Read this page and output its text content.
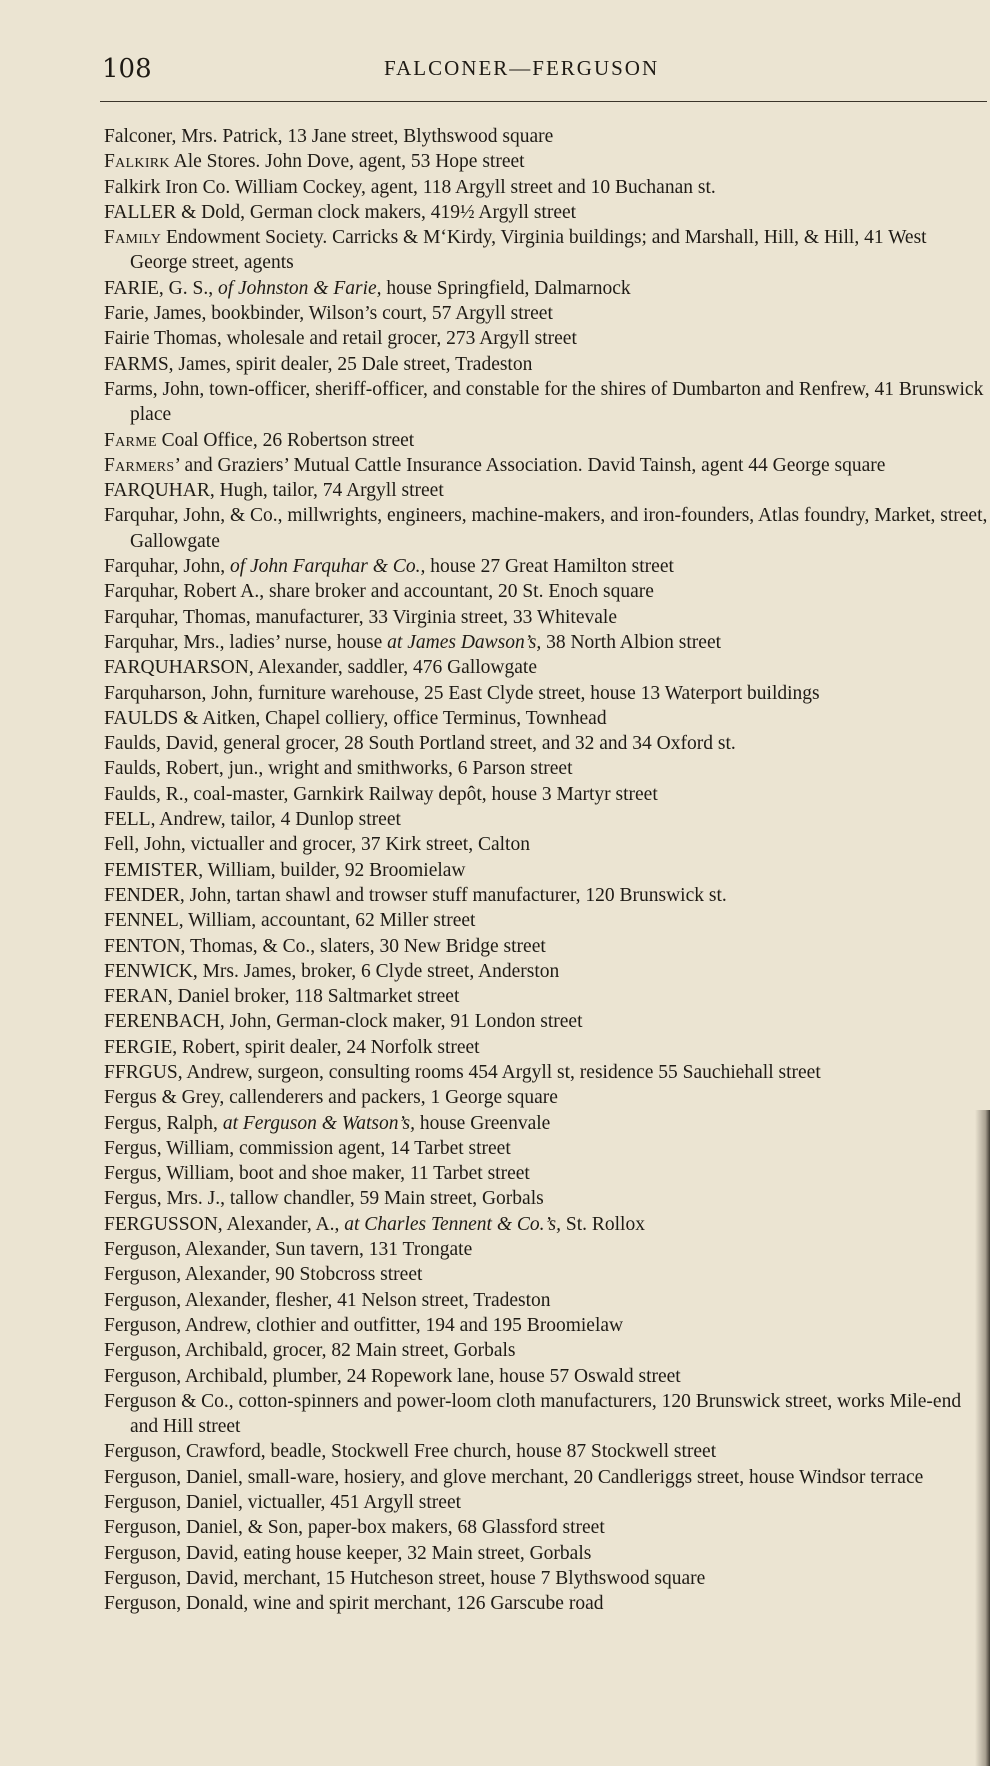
108	FALCONER—FERGUSON
Falconer, Mrs. Patrick, 13 Jane street, Blythswood square
Falkirk Ale Stores. John Dove, agent, 53 Hope street
Falkirk Iron Co. William Cockey, agent, 118 Argyll street and 10 Buchanan st.
FALLER & Dold, German clock makers, 419½ Argyll street
Family Endowment Society. Carricks & M‘Kirdy, Virginia buildings; and Marshall, Hill, & Hill, 41 West George street, agents
FARIE, G. S., of Johnston & Farie, house Springfield, Dalmarnock
Farie, James, bookbinder, Wilson’s court, 57 Argyll street
Fairie Thomas, wholesale and retail grocer, 273 Argyll street
FARMS, James, spirit dealer, 25 Dale street, Tradeston
Farms, John, town-officer, sheriff-officer, and constable for the shires of Dumbarton and Renfrew, 41 Brunswick place
Farme Coal Office, 26 Robertson street
Farmers’ and Graziers’ Mutual Cattle Insurance Association. David Tainsh, agent 44 George square
FARQUHAR, Hugh, tailor, 74 Argyll street
Farquhar, John, & Co., millwrights, engineers, machine-makers, and iron-founders, Atlas foundry, Market, street, Gallowgate
Farquhar, John, of John Farquhar & Co., house 27 Great Hamilton street
Farquhar, Robert A., share broker and accountant, 20 St. Enoch square
Farquhar, Thomas, manufacturer, 33 Virginia street, 33 Whitevale
Farquhar, Mrs., ladies’ nurse, house at James Dawson’s, 38 North Albion street
FARQUHARSON, Alexander, saddler, 476 Gallowgate
Farquharson, John, furniture warehouse, 25 East Clyde street, house 13 Waterport buildings
FAULDS & Aitken, Chapel colliery, office Terminus, Townhead
Faulds, David, general grocer, 28 South Portland street, and 32 and 34 Oxford st.
Faulds, Robert, jun., wright and smithworks, 6 Parson street
Faulds, R., coal-master, Garnkirk Railway depôt, house 3 Martyr street
FELL, Andrew, tailor, 4 Dunlop street
Fell, John, victualler and grocer, 37 Kirk street, Calton
FEMISTER, William, builder, 92 Broomielaw
FENDER, John, tartan shawl and trowser stuff manufacturer, 120 Brunswick st.
FENNEL, William, accountant, 62 Miller street
FENTON, Thomas, & Co., slaters, 30 New Bridge street
FENWICK, Mrs. James, broker, 6 Clyde street, Anderston
FERAN, Daniel broker, 118 Saltmarket street
FERENBACH, John, German-clock maker, 91 London street
FERGIE, Robert, spirit dealer, 24 Norfolk street
FFRGUS, Andrew, surgeon, consulting rooms 454 Argyll st, residence 55 Sauchiehall street
Fergus & Grey, callenderers and packers, 1 George square
Fergus, Ralph, at Ferguson & Watson’s, house Greenvale
Fergus, William, commission agent, 14 Tarbet street
Fergus, William, boot and shoe maker, 11 Tarbet street
Fergus, Mrs. J., tallow chandler, 59 Main street, Gorbals
FERGUSSON, Alexander, A., at Charles Tennent & Co.’s, St. Rollox
Ferguson, Alexander, Sun tavern, 131 Trongate
Ferguson, Alexander, 90 Stobcross street
Ferguson, Alexander, flesher, 41 Nelson street, Tradeston
Ferguson, Andrew, clothier and outfitter, 194 and 195 Broomielaw
Ferguson, Archibald, grocer, 82 Main street, Gorbals
Ferguson, Archibald, plumber, 24 Ropework lane, house 57 Oswald street
Ferguson & Co., cotton-spinners and power-loom cloth manufacturers, 120 Brunswick street, works Mile-end and Hill street
Ferguson, Crawford, beadle, Stockwell Free church, house 87 Stockwell street
Ferguson, Daniel, small-ware, hosiery, and glove merchant, 20 Candleriggs street, house Windsor terrace
Ferguson, Daniel, victualler, 451 Argyll street
Ferguson, Daniel, & Son, paper-box makers, 68 Glassford street
Ferguson, David, eating house keeper, 32 Main street, Gorbals
Ferguson, David, merchant, 15 Hutcheson street, house 7 Blythswood square
Ferguson, Donald, wine and spirit merchant, 126 Garscube road
